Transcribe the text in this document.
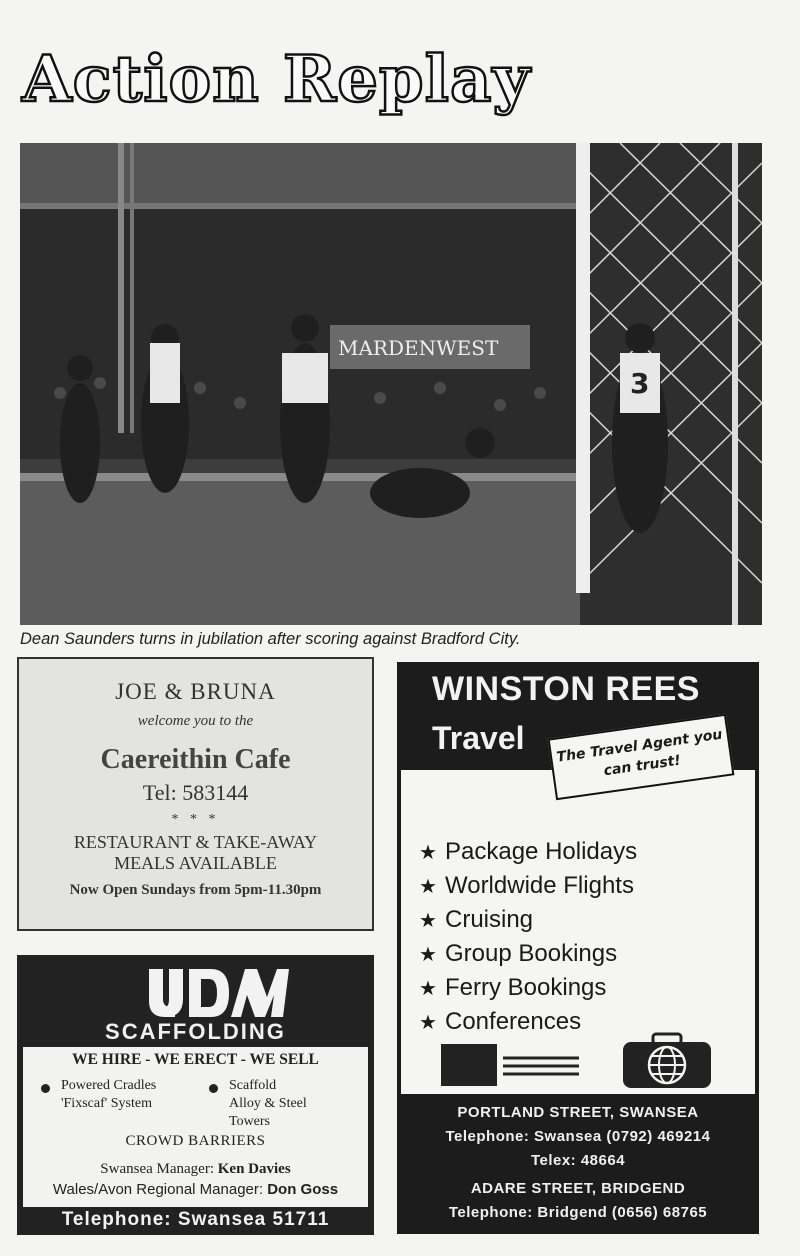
Action Replay
MARDENWEST
3
Dean Saunders turns in jubilation after scoring against Bradford City.
JOE & BRUNA
welcome you to the
Caereithin Cafe
Tel: 583144
* * *
RESTAURANT & TAKE-AWAY
MEALS AVAILABLE
Now Open Sundays from 5pm-11.30pm
UDM
SCAFFOLDING
WE HIRE - WE ERECT - WE SELL
Powered Cradles
'Fixscaf' System
Scaffold
Alloy & Steel
Towers
CROWD BARRIERS
Swansea Manager: Ken Davies
Wales/Avon Regional Manager: Don Goss
Telephone: Swansea 51711
WINSTON REES
Travel	The Travel Agent you can trust!
★ Package Holidays
★ Worldwide Flights
★ Cruising
★ Group Bookings
★ Ferry Bookings
★ Conferences
Travel Service Representative
PORTLAND STREET, SWANSEA
Telephone: Swansea (0792) 469214
Telex: 48664
ADARE STREET, BRIDGEND
Telephone: Bridgend (0656) 68765
